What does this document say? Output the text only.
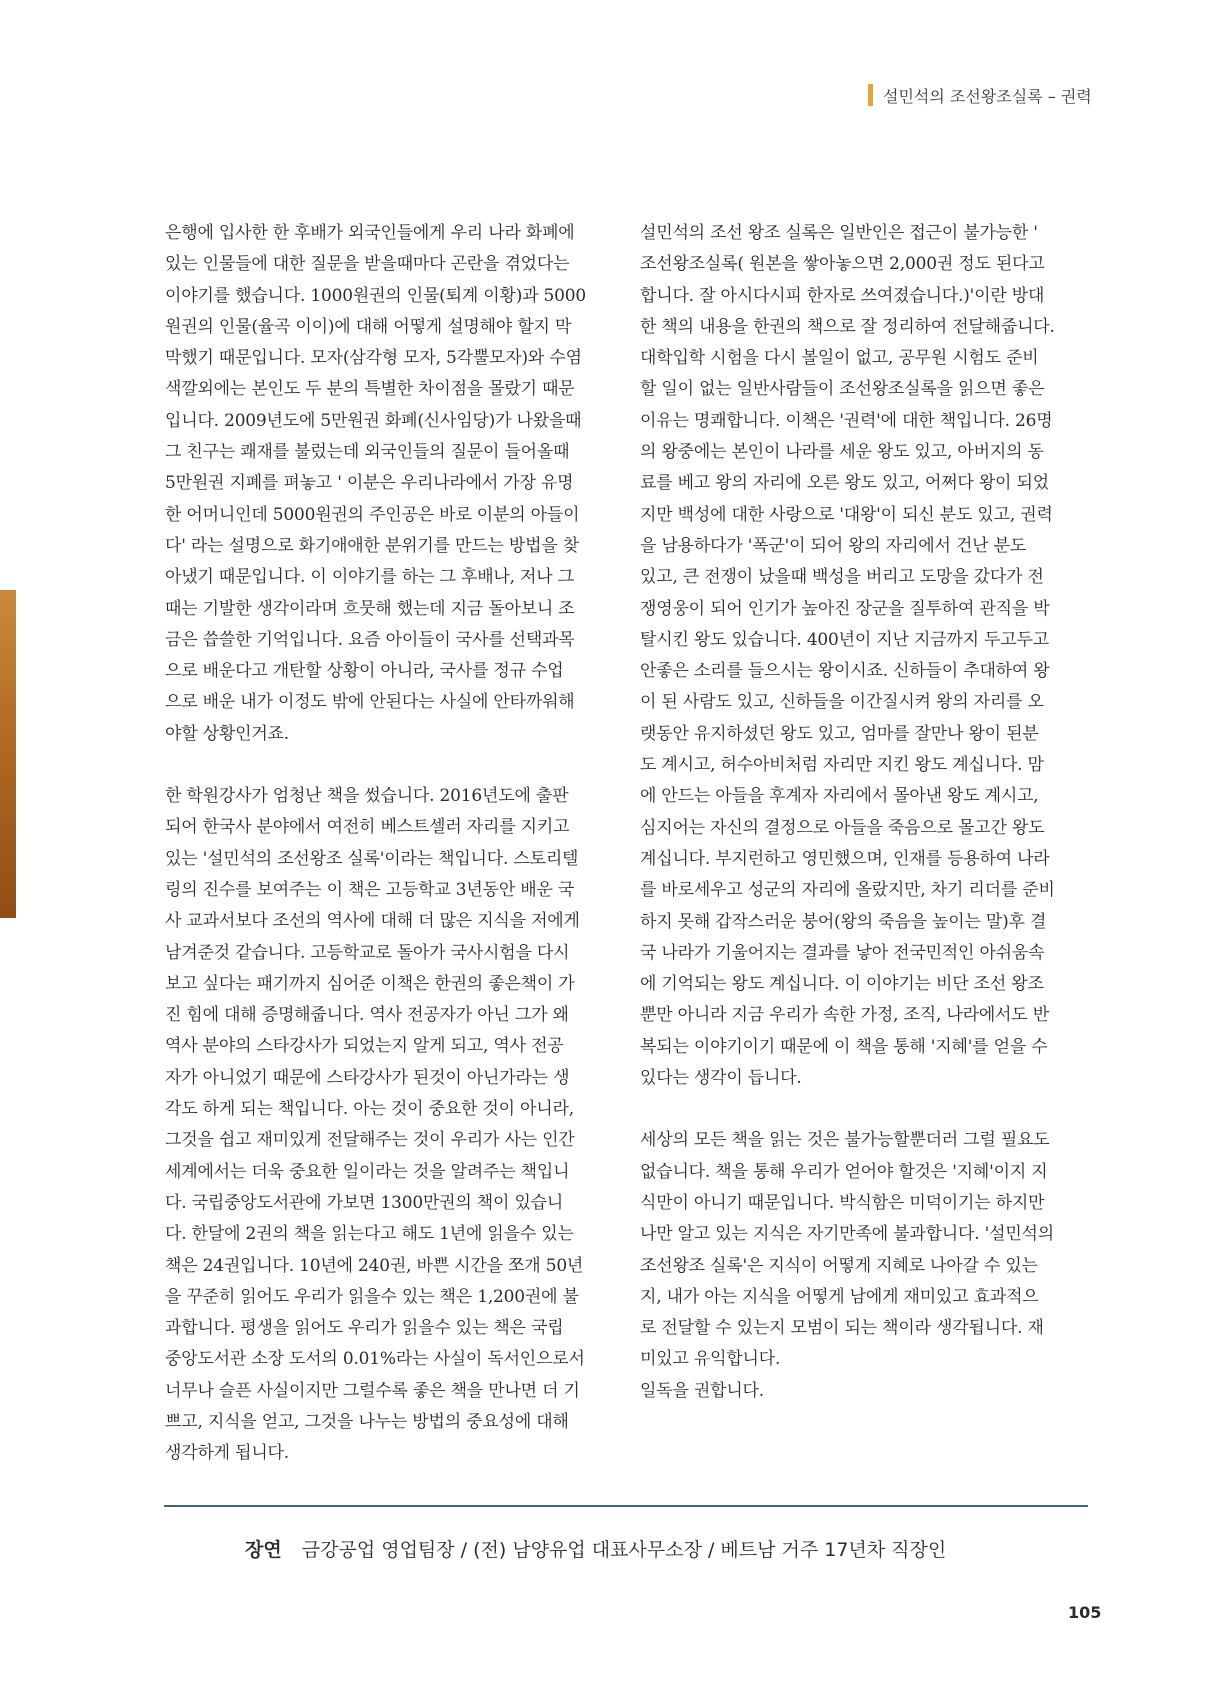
설민석의 조선왕조실록 – 권력

은행에 입사한 한 후배가 외국인들에게 우리 나라 화폐에
있는 인물들에 대한 질문을 받을때마다 곤란을 겪었다는
이야기를 했습니다. 1000원권의 인물(퇴계 이황)과 5000
원권의 인물(율곡 이이)에 대해 어떻게 설명해야 할지 막
막했기 때문입니다. 모자(삼각형 모자, 5각뿔모자)와 수염
색깔외에는 본인도 두 분의 특별한 차이점을 몰랐기 때문
입니다. 2009년도에 5만원권 화폐(신사임당)가 나왔을때
그 친구는 쾌재를 불렀는데 외국인들의 질문이 들어올때
5만원권 지폐를 펴놓고 ' 이분은 우리나라에서 가장 유명
한 어머니인데 5000원권의 주인공은 바로 이분의 아들이
다' 라는 설명으로 화기애애한 분위기를 만드는 방법을 찾
아냈기 때문입니다. 이 이야기를 하는 그 후배나, 저나 그
때는 기발한 생각이라며 흐뭇해 했는데 지금 돌아보니 조
금은 씁쓸한 기억입니다. 요즘 아이들이 국사를 선택과목
으로 배운다고 개탄할 상황이 아니라, 국사를 정규 수업
으로 배운 내가 이정도 밖에 안된다는 사실에 안타까워해
야할 상황인거죠.

한 학원강사가 엄청난 책을 썼습니다. 2016년도에 출판
되어 한국사 분야에서 여전히 베스트셀러 자리를 지키고
있는 '설민석의 조선왕조 실록'이라는 책입니다. 스토리텔
링의 진수를 보여주는 이 책은 고등학교 3년동안 배운 국
사 교과서보다 조선의 역사에 대해 더 많은 지식을 저에게
남겨준것 같습니다. 고등학교로 돌아가 국사시험을 다시
보고 싶다는 패기까지 심어준 이책은 한권의 좋은책이 가
진 힘에 대해 증명해줍니다. 역사 전공자가 아닌 그가 왜
역사 분야의 스타강사가 되었는지 알게 되고, 역사 전공
자가 아니었기 때문에 스타강사가 된것이 아닌가라는 생
각도 하게 되는 책입니다. 아는 것이 중요한 것이 아니라,
그것을 쉽고 재미있게 전달해주는 것이 우리가 사는 인간
세계에서는 더욱 중요한 일이라는 것을 알려주는 책입니
다. 국립중앙도서관에 가보면 1300만권의 책이 있습니
다. 한달에 2권의 책을 읽는다고 해도 1년에 읽을수 있는
책은 24권입니다. 10년에 240권, 바쁜 시간을 쪼개 50년
을 꾸준히 읽어도 우리가 읽을수 있는 책은 1,200권에 불
과합니다. 평생을 읽어도 우리가 읽을수 있는 책은 국립
중앙도서관 소장 도서의 0.01%라는 사실이 독서인으로서
너무나 슬픈 사실이지만 그럴수록 좋은 책을 만나면 더 기
쁘고, 지식을 얻고, 그것을 나누는 방법의 중요성에 대해
생각하게 됩니다.

설민석의 조선 왕조 실록은 일반인은 접근이 불가능한 '
조선왕조실록( 원본을 쌓아놓으면 2,000권 정도 된다고
합니다. 잘 아시다시피 한자로 쓰여졌습니다.)'이란 방대
한 책의 내용을 한권의 책으로 잘 정리하여 전달해줍니다.
대학입학 시험을 다시 볼일이 없고, 공무원 시험도 준비
할 일이 없는 일반사람들이 조선왕조실록을 읽으면 좋은
이유는 명쾌합니다. 이책은 '권력'에 대한 책입니다. 26명
의 왕중에는 본인이 나라를 세운 왕도 있고, 아버지의 동
료를 베고 왕의 자리에 오른 왕도 있고, 어쩌다 왕이 되었
지만 백성에 대한 사랑으로 '대왕'이 되신 분도 있고, 권력
을 남용하다가 '폭군'이 되어 왕의 자리에서 건난 분도
있고, 큰 전쟁이 났을때 백성을 버리고 도망을 갔다가 전
쟁영웅이 되어 인기가 높아진 장군을 질투하여 관직을 박
탈시킨 왕도 있습니다. 400년이 지난 지금까지 두고두고
안좋은 소리를 들으시는 왕이시죠. 신하들이 추대하여 왕
이 된 사람도 있고, 신하들을 이간질시켜 왕의 자리를 오
랫동안 유지하셨던 왕도 있고, 엄마를 잘만나 왕이 된분
도 계시고, 허수아비처럼 자리만 지킨 왕도 계십니다. 맘
에 안드는 아들을 후계자 자리에서 몰아낸 왕도 계시고,
심지어는 자신의 결정으로 아들을 죽음으로 몰고간 왕도
계십니다. 부지런하고 영민했으며, 인재를 등용하여 나라
를 바로세우고 성군의 자리에 올랐지만, 차기 리더를 준비
하지 못해 갑작스러운 붕어(왕의 죽음을 높이는 말)후 결
국 나라가 기울어지는 결과를 낳아 전국민적인 아쉬움속
에 기억되는 왕도 계십니다. 이 이야기는 비단 조선 왕조
뿐만 아니라 지금 우리가 속한 가정, 조직, 나라에서도 반
복되는 이야기이기 때문에 이 책을 통해 '지혜'를 얻을 수
있다는 생각이 듭니다.

세상의 모든 책을 읽는 것은 불가능할뿐더러 그럴 필요도
없습니다. 책을 통해 우리가 얻어야 할것은 '지혜'이지 지
식만이 아니기 때문입니다. 박식함은 미덕이기는 하지만
나만 알고 있는 지식은 자기만족에 불과합니다. '설민석의
조선왕조 실록'은 지식이 어떻게 지혜로 나아갈 수 있는
지, 내가 아는 지식을 어떻게 남에게 재미있고 효과적으
로 전달할 수 있는지 모범이 되는 책이라 생각됩니다. 재
미있고 유익합니다.
일독을 권합니다.

장연 금강공업 영업팀장 / (전) 남양유업 대표사무소장 / 베트남 거주 17년차 직장인
105
